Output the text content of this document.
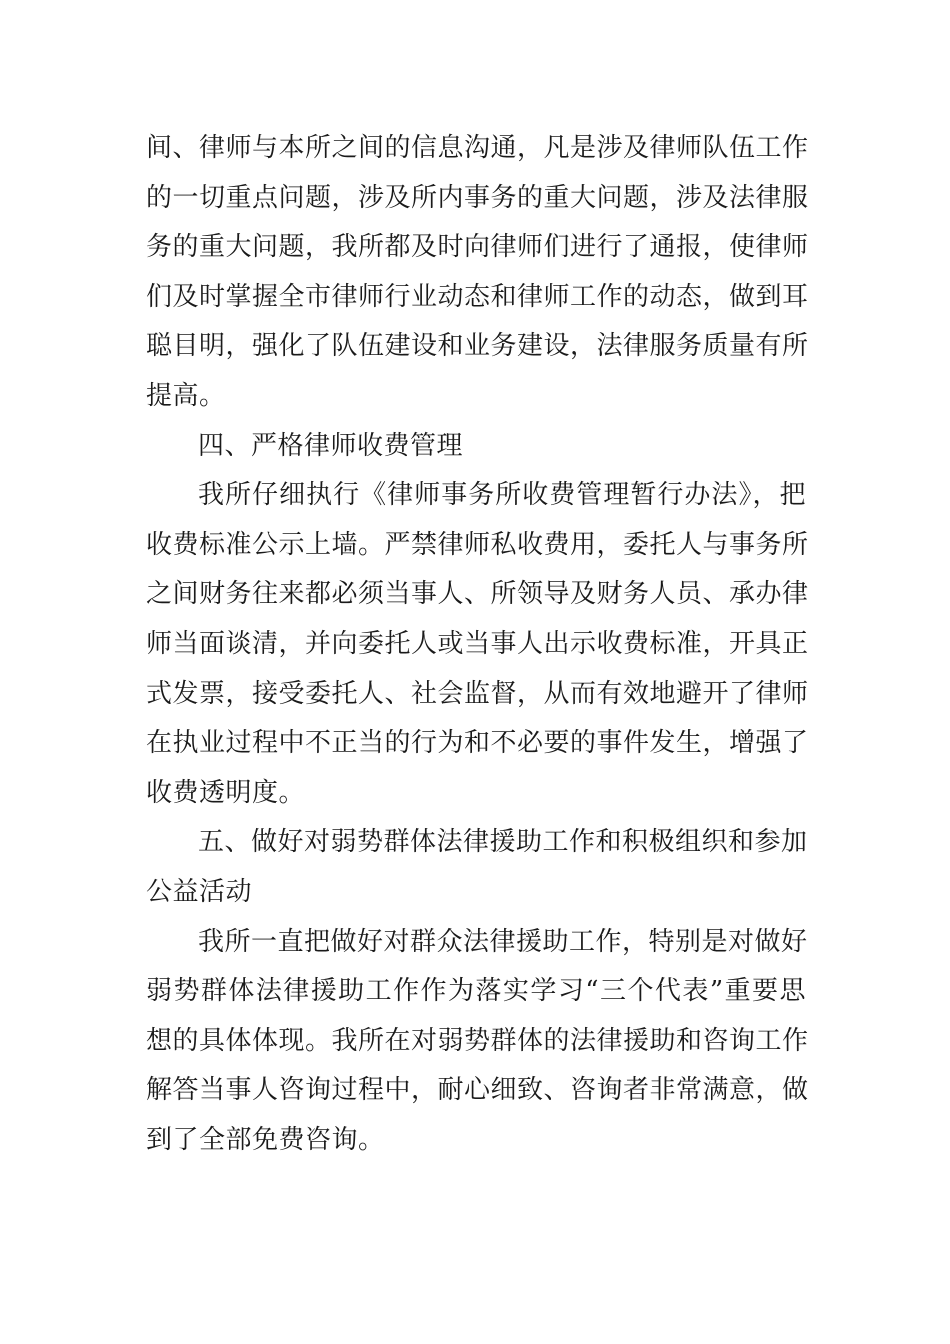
间、律师与本所之间的信息沟通，凡是涉及律师队伍工作
的一切重点问题，涉及所内事务的重大问题，涉及法律服
务的重大问题，我所都及时向律师们进行了通报，使律师
们及时掌握全市律师行业动态和律师工作的动态，做到耳
聪目明，强化了队伍建设和业务建设，法律服务质量有所
提高。
四、严格律师收费管理
我所仔细执行《律师事务所收费管理暂行办法》，把
收费标准公示上墙。严禁律师私收费用，委托人与事务所
之间财务往来都必须当事人、所领导及财务人员、承办律
师当面谈清，并向委托人或当事人出示收费标准，开具正
式发票，接受委托人、社会监督，从而有效地避开了律师
在执业过程中不正当的行为和不必要的事件发生，增强了
收费透明度。
五、做好对弱势群体法律援助工作和积极组织和参加
公益活动
我所一直把做好对群众法律援助工作，特别是对做好
弱势群体法律援助工作作为落实学习“三个代表”重要思
想的具体体现。我所在对弱势群体的法律援助和咨询工作
解答当事人咨询过程中，耐心细致、咨询者非常满意，做
到了全部免费咨询。
